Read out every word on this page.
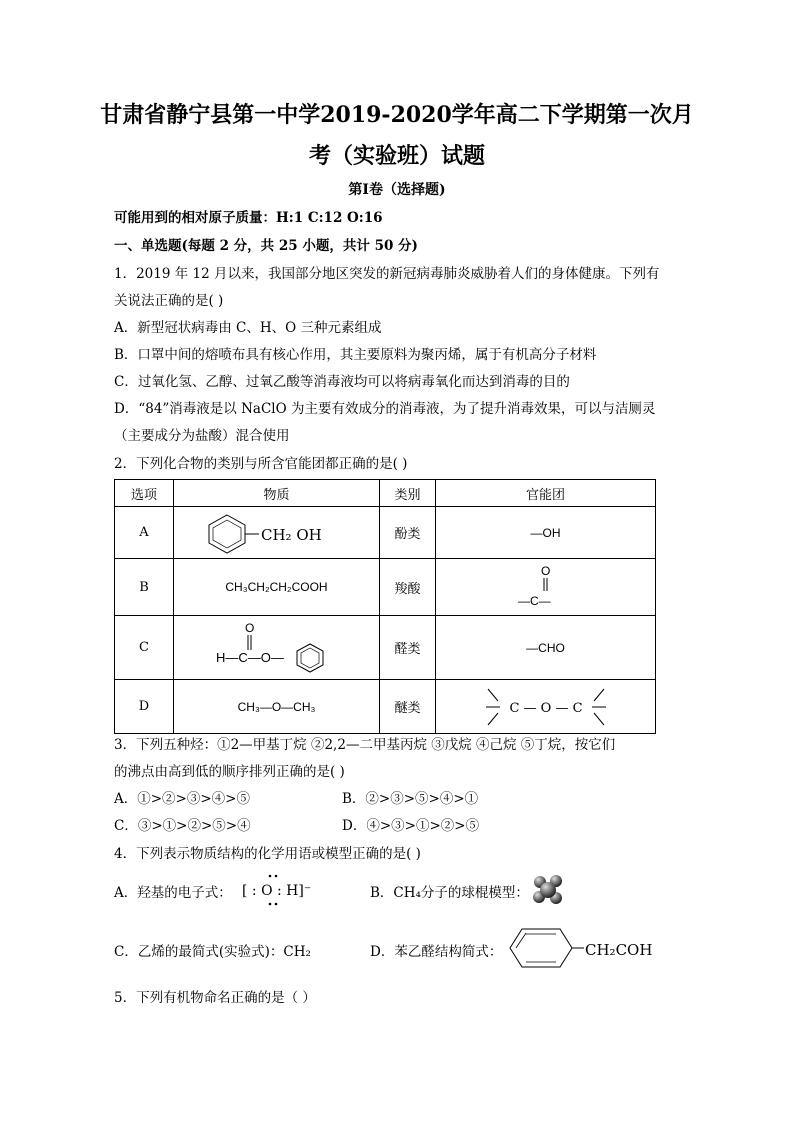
甘肃省静宁县第一中学2019-2020学年高二下学期第一次月
考（实验班）试题
第I卷（选择题)
可能用到的相对原子质量：H:1 C:12 O:16
一、单选题(每题 2 分，共 25 小题，共计 50 分)
1．2019 年 12 月以来，我国部分地区突发的新冠病毒肺炎威胁着人们的身体健康。下列有
关说法正确的是( )
A．新型冠状病毒由 C、H、O 三种元素组成
B．口罩中间的熔喷布具有核心作用，其主要原料为聚丙烯，属于有机高分子材料
C．过氧化氢、乙醇、过氧乙酸等消毒液均可以将病毒氧化而达到消毒的目的
D．“84”消毒液是以 NaClO 为主要有效成分的消毒液，为了提升消毒效果，可以与洁厕灵
（主要成分为盐酸）混合使用
2．下列化合物的类别与所含官能团都正确的是( )
选项	物质	类别	官能团
A	CH₂ OH	酚类	—OH
B	CH₃CH₂CH₂COOH	羧酸	O
—C—

C	O
H—C—O—	醛类	—CHO
D	CH₃—O—CH₃	醚类	C — O — C
3．下列五种烃：①2—甲基丁烷 ②2,2—二甲基丙烷 ③戊烷 ④己烷 ⑤丁烷，按它们
的沸点由高到低的顺序排列正确的是( )
A．①>②>③>④>⑤	B．②>③>⑤>④>①
C．③>①>②>⑤>④	D．④>③>①>②>⑤
4．下列表示物质结构的化学用语或模型正确的是( )
A．羟基的电子式： [ : O : H]⁻	B．CH₄分子的球棍模型：
C．乙烯的最简式(实验式)：CH₂	D．苯乙醛结构简式：	CH₂COH
5．下列有机物命名正确的是（ ）
